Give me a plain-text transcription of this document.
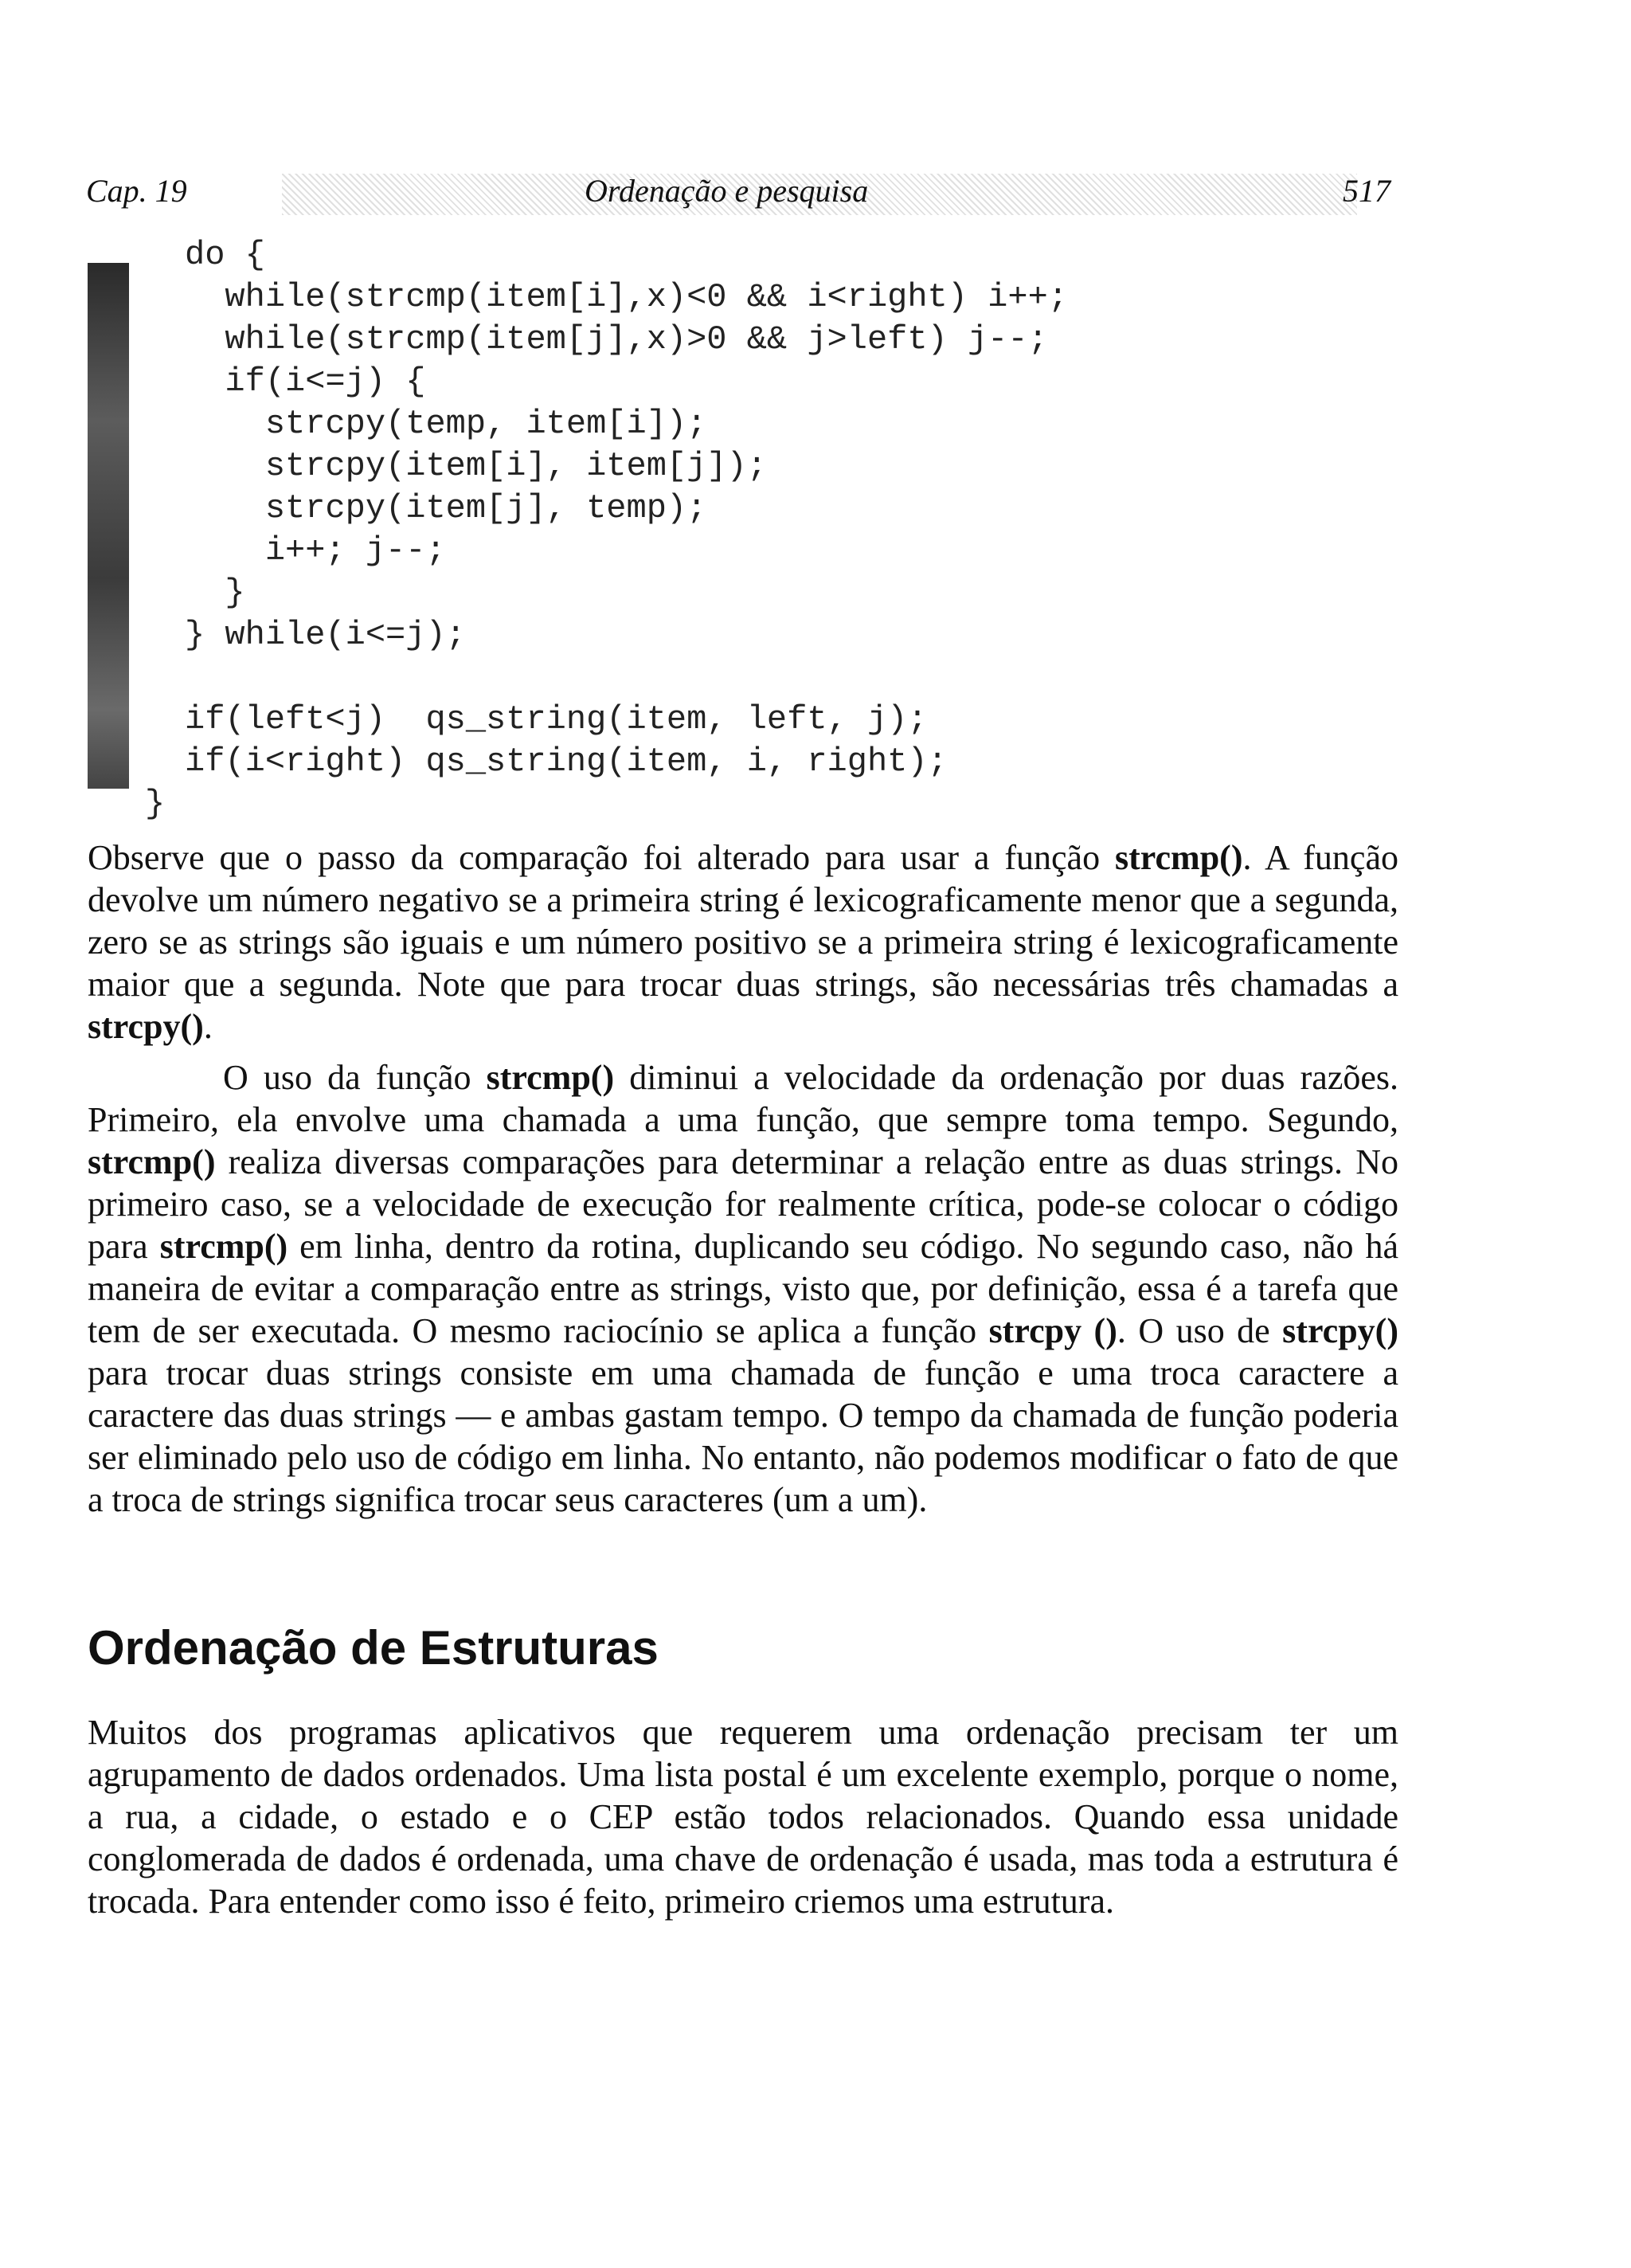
Cap. 19	Ordenação e pesquisa	517
do {
while(strcmp(item[i],x)<0 && i<right) i++;
while(strcmp(item[j],x)>0 && j>left) j--;
if(i<=j) {
strcpy(temp, item[i]);
strcpy(item[i], item[j]);
strcpy(item[j], temp);
i++; j--;
}
} while(i<=j);
if(left<j)  qs_string(item, left, j);
if(i<right) qs_string(item, i, right);
}

Observe que o passo da comparação foi alterado para usar a função strcmp(). A função devolve um número negativo se a primeira string é lexicograficamente menor que a segunda, zero se as strings são iguais e um número positivo se a primeira string é lexicograficamente maior que a segunda. Note que para trocar duas strings, são necessárias três chamadas a strcpy().

O uso da função strcmp() diminui a velocidade da ordenação por duas razões. Primeiro, ela envolve uma chamada a uma função, que sempre toma tempo. Segundo, strcmp() realiza diversas comparações para determinar a relação entre as duas strings. No primeiro caso, se a velocidade de execução for realmente crítica, pode-se colocar o código para strcmp() em linha, dentro da rotina, duplicando seu código. No segundo caso, não há maneira de evitar a comparação entre as strings, visto que, por definição, essa é a tarefa que tem de ser executada. O mesmo raciocínio se aplica a função strcpy (). O uso de strcpy() para trocar duas strings consiste em uma chamada de função e uma troca caractere a caractere das duas strings — e ambas gastam tempo. O tempo da chamada de função poderia ser eliminado pelo uso de código em linha. No entanto, não podemos modificar o fato de que a troca de strings significa trocar seus caracteres (um a um).

Ordenação de Estruturas

Muitos dos programas aplicativos que requerem uma ordenação precisam ter um agrupamento de dados ordenados. Uma lista postal é um excelente exemplo, porque o nome, a rua, a cidade, o estado e o CEP estão todos relacionados. Quando essa unidade conglomerada de dados é ordenada, uma chave de ordenação é usada, mas toda a estrutura é trocada. Para entender como isso é feito, primeiro criemos uma estrutura.
